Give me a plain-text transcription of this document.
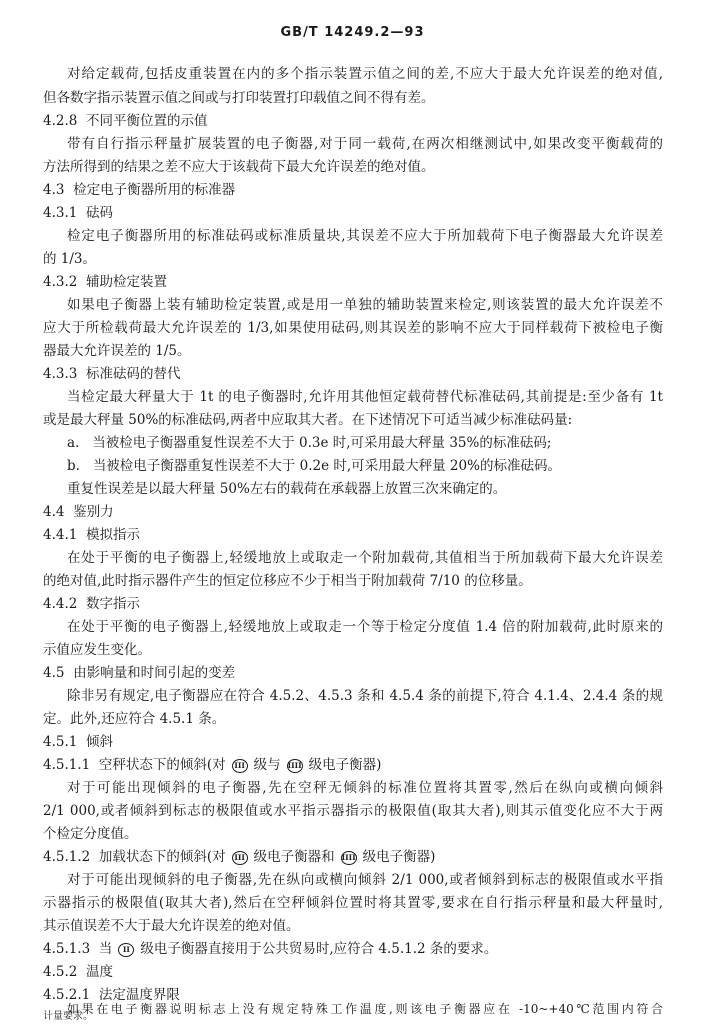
GB/T 14249.2—93
对给定载荷,包括皮重装置在内的多个指示装置示值之间的差,不应大于最大允许误差的绝对值,
但各数字指示装置示值之间或与打印装置打印载值之间不得有差。
4.2.8 不同平衡位置的示值
带有自行指示秤量扩展装置的电子衡器,对于同一载荷,在两次相继测试中,如果改变平衡载荷的
方法所得到的结果之差不应大于该载荷下最大允许误差的绝对值。
4.3 检定电子衡器所用的标准器
4.3.1 砝码
检定电子衡器所用的标准砝码或标准质量块,其误差不应大于所加载荷下电子衡器最大允许误差
的 1/3。
4.3.2 辅助检定装置
如果电子衡器上装有辅助检定装置,或是用一单独的辅助装置来检定,则该装置的最大允许误差不
应大于所检载荷最大允许误差的 1/3,如果使用砝码,则其误差的影响不应大于同样载荷下被检电子衡
器最大允许误差的 1/5。
4.3.3 标准砝码的替代
当检定最大秤量大于 1t 的电子衡器时,允许用其他恒定载荷替代标准砝码,其前提是:至少备有 1t
或是最大秤量 50%的标准砝码,两者中应取其大者。在下述情况下可适当减少标准砝码量:
a. 当被检电子衡器重复性误差不大于 0.3e 时,可采用最大秤量 35%的标准砝码;
b. 当被检电子衡器重复性误差不大于 0.2e 时,可采用最大秤量 20%的标准砝码。
重复性误差是以最大秤量 50%左右的载荷在承载器上放置三次来确定的。
4.4 鉴别力
4.4.1 模拟指示
在处于平衡的电子衡器上,轻缓地放上或取走一个附加载荷,其值相当于所加载荷下最大允许误差
的绝对值,此时指示器件产生的恒定位移应不少于相当于附加载荷 7/10 的位移量。
4.4.2 数字指示
在处于平衡的电子衡器上,轻缓地放上或取走一个等于检定分度值 1.4 倍的附加载荷,此时原来的
示值应发生变化。
4.5 由影响量和时间引起的变差
除非另有规定,电子衡器应在符合 4.5.2、4.5.3 条和 4.5.4 条的前提下,符合 4.1.4、2.4.4 条的规
定。此外,还应符合 4.5.1 条。
4.5.1 倾斜
4.5.1.1 空秤状态下的倾斜(对 III 级与 IIII 级电子衡器)
对于可能出现倾斜的电子衡器,先在空秤无倾斜的标准位置将其置零,然后在纵向或横向倾斜
2/1 000,或者倾斜到标志的极限值或水平指示器指示的极限值(取其大者),则其示值变化应不大于两
个检定分度值。
4.5.1.2 加载状态下的倾斜(对 III 级电子衡器和 IIII 级电子衡器)
对于可能出现倾斜的电子衡器,先在纵向或横向倾斜 2/1 000,或者倾斜到标志的极限值或水平指
示器指示的极限值(取其大者),然后在空秤倾斜位置时将其置零,要求在自行指示秤量和最大秤量时,
其示值误差不大于最大允许误差的绝对值。
4.5.1.3 当 II 级电子衡器直接用于公共贸易时,应符合 4.5.1.2 条的要求。
4.5.2 温度
4.5.2.1 法定温度界限
如果在电子衡器说明标志上没有规定特殊工作温度,则该电子衡器应在 -10~+40℃范围内符合
计量要求。
